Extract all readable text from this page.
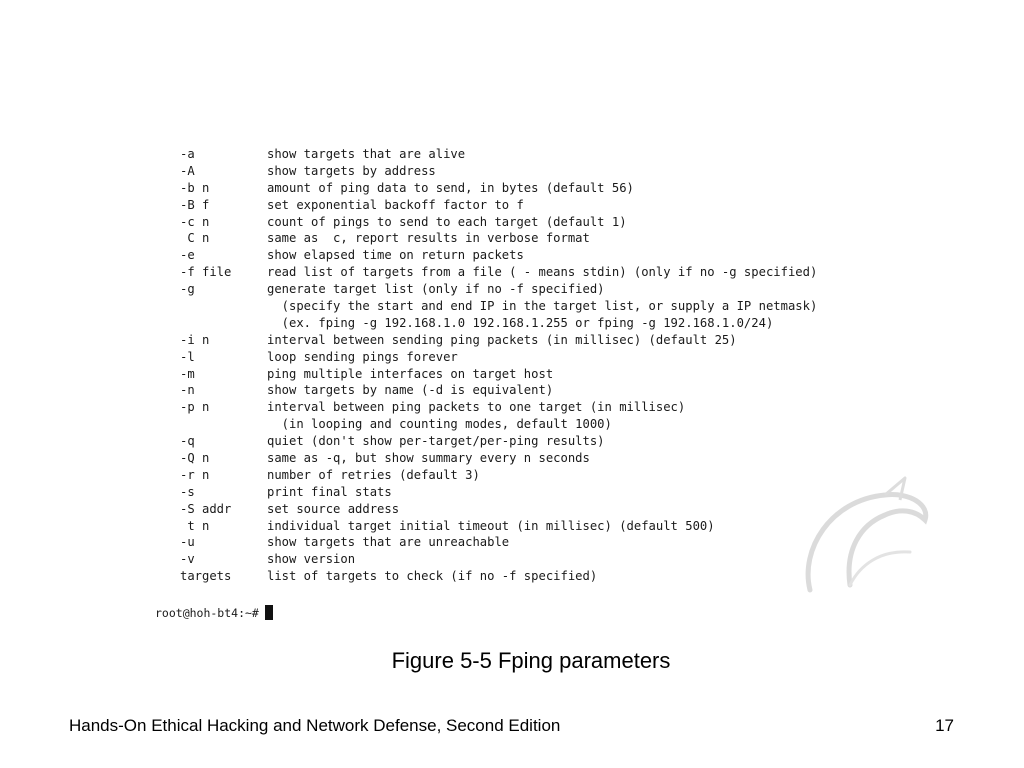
-a	show targets that are alive
-A	show targets by address
-b n	amount of ping data to send, in bytes (default 56)
-B f	set exponential backoff factor to f
-c n	count of pings to send to each target (default 1)
C n	same as  c, report results in verbose format
-e	show elapsed time on return packets
-f file	read list of targets from a file ( - means stdin) (only if no -g specified)
-g	generate target list (only if no -f specified)
(specify the start and end IP in the target list, or supply a IP netmask)
(ex. fping -g 192.168.1.0 192.168.1.255 or fping -g 192.168.1.0/24)
-i n	interval between sending ping packets (in millisec) (default 25)
-l	loop sending pings forever
-m	ping multiple interfaces on target host
-n	show targets by name (-d is equivalent)
-p n	interval between ping packets to one target (in millisec)
(in looping and counting modes, default 1000)
-q	quiet (don't show per-target/per-ping results)
-Q n	same as -q, but show summary every n seconds
-r n	number of retries (default 3)
-s	print final stats
-S addr	set source address
t n	individual target initial timeout (in millisec) (default 500)
-u	show targets that are unreachable
-v	show version
targets	list of targets to check (if no -f specified)
root@hoh-bt4:~#
Figure 5-5 Fping parameters
Hands-On Ethical Hacking and Network Defense, Second Edition	17
